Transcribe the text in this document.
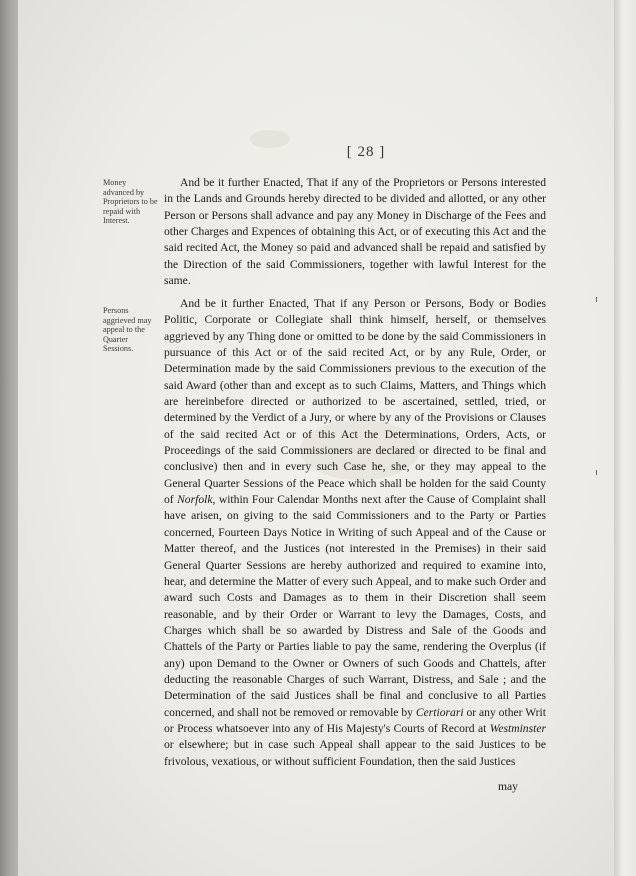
[ 28 ]
Money advanced by Proprietors to be repaid with Interest.
Persons aggrieved may appeal to the Quarter Sessions.
And be it further Enacted, That if any of the Proprietors or Persons interested in the Lands and Grounds hereby directed to be divided and allotted, or any other Person or Persons shall advance and pay any Money in Discharge of the Fees and other Charges and Expences of obtaining this Act, or of executing this Act and the said recited Act, the Money so paid and advanced shall be repaid and satisfied by the Direction of the said Commissioners, together with lawful Interest for the same.
And be it further Enacted, That if any Person or Persons, Body or Bodies Politic, Corporate or Collegiate shall think himself, herself, or themselves aggrieved by any Thing done or omitted to be done by the said Commissioners in pursuance of this Act or of the said recited Act, or by any Rule, Order, or Determination made by the said Commissioners previous to the execution of the said Award (other than and except as to such Claims, Matters, and Things which are hereinbefore directed or authorized to be ascertained, settled, tried, or determined by the Verdict of a Jury, or where by any of the Provisions or Clauses of the said recited Act or of this Act the Determinations, Orders, Acts, or Proceedings of the said Commissioners are declared or directed to be final and conclusive) then and in every such Case he, she, or they may appeal to the General Quarter Sessions of the Peace which shall be holden for the said County of Norfolk, within Four Calendar Months next after the Cause of Complaint shall have arisen, on giving to the said Commissioners and to the Party or Parties concerned, Fourteen Days Notice in Writing of such Appeal and of the Cause or Matter thereof, and the Justices (not interested in the Premises) in their said General Quarter Sessions are hereby authorized and required to examine into, hear, and determine the Matter of every such Appeal, and to make such Order and award such Costs and Damages as to them in their Discretion shall seem reasonable, and by their Order or Warrant to levy the Damages, Costs, and Charges which shall be so awarded by Distress and Sale of the Goods and Chattels of the Party or Parties liable to pay the same, rendering the Overplus (if any) upon Demand to the Owner or Owners of such Goods and Chattels, after deducting the reasonable Charges of such Warrant, Distress, and Sale ; and the Determination of the said Justices shall be final and conclusive to all Parties concerned, and shall not be removed or removable by Certiorari or any other Writ or Process whatsoever into any of His Majesty's Courts of Record at Westminster or elsewhere; but in case such Appeal shall appear to the said Justices to be frivolous, vexatious, or without sufficient Foundation, then the said Justices
may
